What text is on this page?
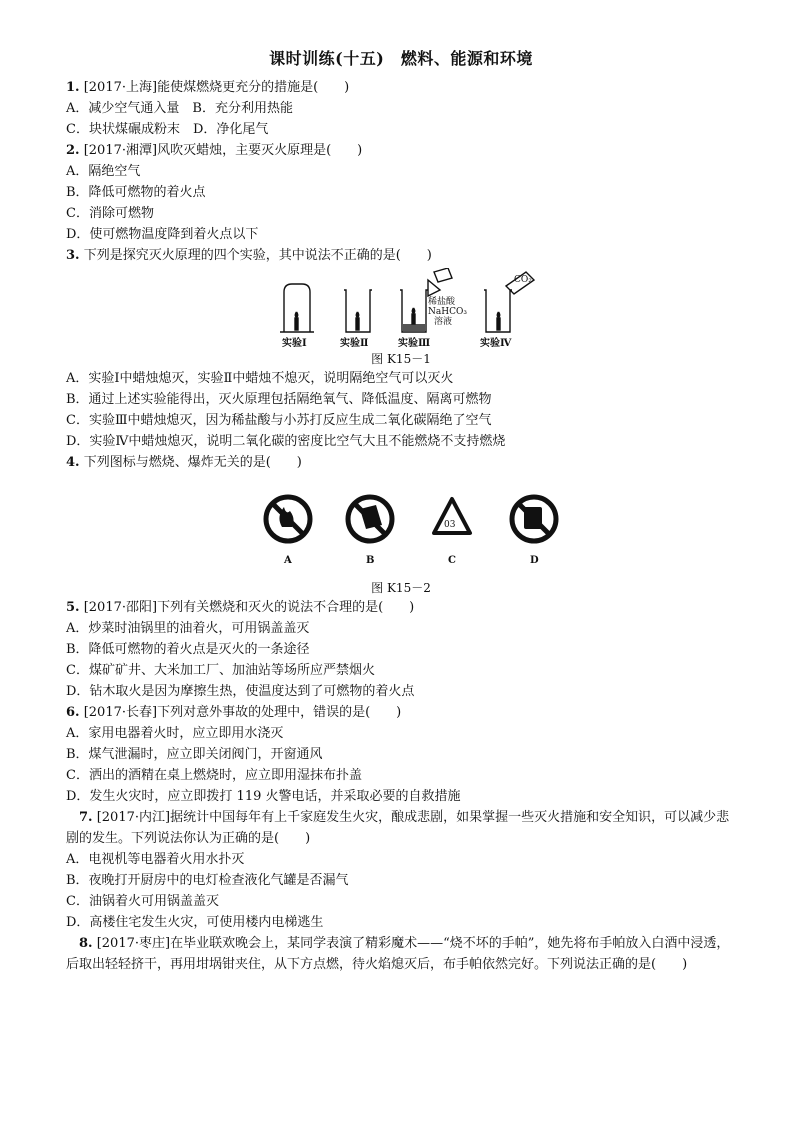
课时训练(十五)　燃料、能源和环境
1. [2017·上海]能使煤燃烧更充分的措施是(　　)
A．减少空气通入量　B．充分利用热能
C．块状煤碾成粉末　D．净化尾气
2. [2017·湘潭]风吹灭蜡烛，主要灭火原理是(　　)
A．隔绝空气
B．降低可燃物的着火点
C．消除可燃物
D．使可燃物温度降到着火点以下
3. 下列是探究灭火原理的四个实验，其中说法不正确的是(　　)
稀盐酸
NaHCO₃
溶液
CO₂
实验Ⅰ	实验Ⅱ	实验Ⅲ	实验Ⅳ
图 K15－1
A．实验Ⅰ中蜡烛熄灭，实验Ⅱ中蜡烛不熄灭，说明隔绝空气可以灭火
B．通过上述实验能得出，灭火原理包括隔绝氧气、降低温度、隔离可燃物
C．实验Ⅲ中蜡烛熄灭，因为稀盐酸与小苏打反应生成二氧化碳隔绝了空气
D．实验Ⅳ中蜡烛熄灭，说明二氧化碳的密度比空气大且不能燃烧不支持燃烧
4. 下列图标与燃烧、爆炸无关的是(　　)
03
A	B	C	D
图 K15－2
5. [2017·邵阳]下列有关燃烧和灭火的说法不合理的是(　　)
A．炒菜时油锅里的油着火，可用锅盖盖灭
B．降低可燃物的着火点是灭火的一条途径
C．煤矿矿井、大米加工厂、加油站等场所应严禁烟火
D．钻木取火是因为摩擦生热，使温度达到了可燃物的着火点
6. [2017·长春]下列对意外事故的处理中，错误的是(　　)
A．家用电器着火时，应立即用水浇灭
B．煤气泄漏时，应立即关闭阀门，开窗通风
C．洒出的酒精在桌上燃烧时，应立即用湿抹布扑盖
D．发生火灾时，应立即拨打 119 火警电话，并采取必要的自救措施
7. [2017·内江]据统计中国每年有上千家庭发生火灾，酿成悲剧，如果掌握一些灭火措施和安全知识，可以减少悲剧的发生。下列说法你认为正确的是(　　)
A．电视机等电器着火用水扑灭
B．夜晚打开厨房中的电灯检查液化气罐是否漏气
C．油锅着火可用锅盖盖灭
D．高楼住宅发生火灾，可使用楼内电梯逃生
8. [2017·枣庄]在毕业联欢晚会上，某同学表演了精彩魔术——“烧不坏的手帕”，她先将布手帕放入白酒中浸透，后取出轻轻挤干，再用坩埚钳夹住，从下方点燃，待火焰熄灭后，布手帕依然完好。下列说法正确的是(　　)
